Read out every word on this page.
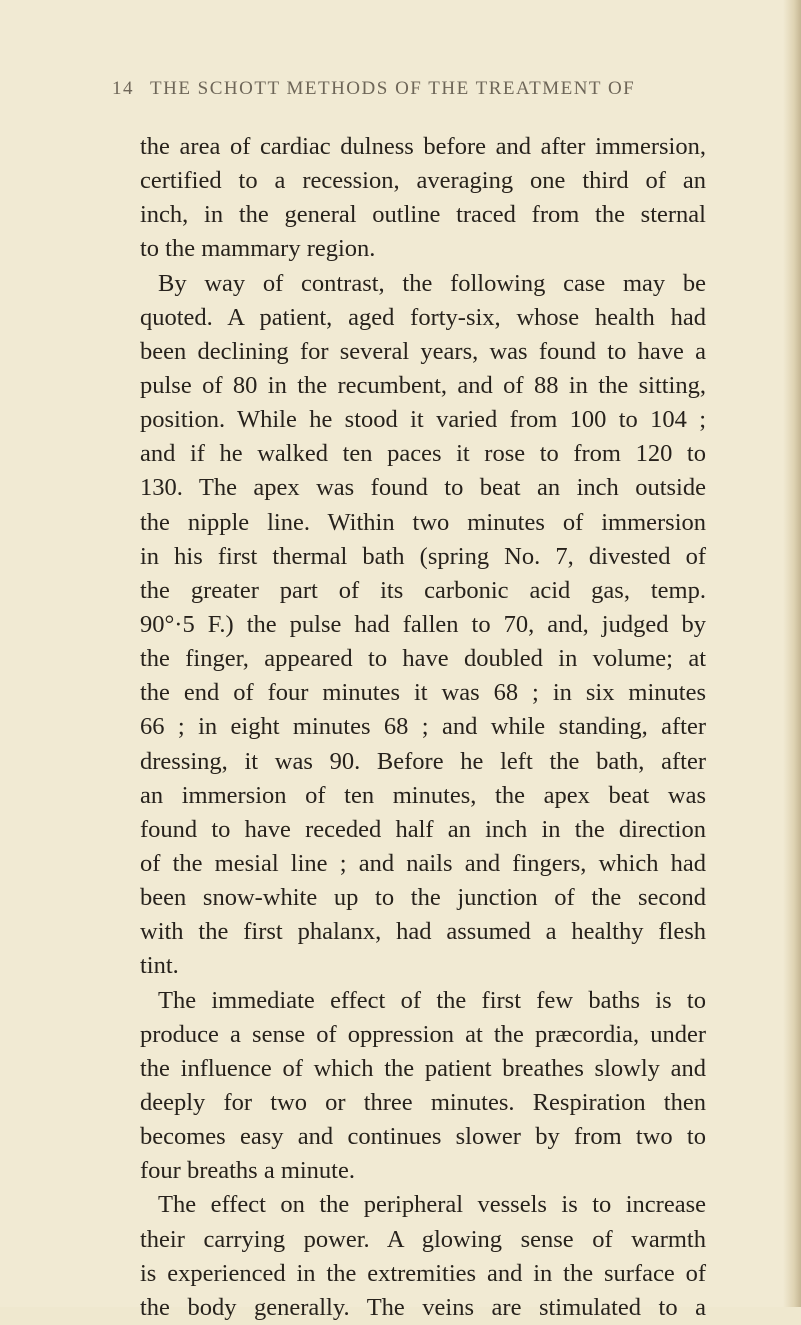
14 THE SCHOTT METHODS OF THE TREATMENT OF
the area of cardiac dulness before and after immersion,
certified to a recession, averaging one third of an
inch, in the general outline traced from the sternal
to the mammary region.
By way of contrast, the following case may be
quoted. A patient, aged forty-six, whose health had
been declining for several years, was found to have a
pulse of 80 in the recumbent, and of 88 in the sitting,
position. While he stood it varied from 100 to 104 ;
and if he walked ten paces it rose to from 120 to
130. The apex was found to beat an inch outside
the nipple line. Within two minutes of immersion
in his first thermal bath (spring No. 7, divested of
the greater part of its carbonic acid gas, temp.
90°·5 F.) the pulse had fallen to 70, and, judged by
the finger, appeared to have doubled in volume; at
the end of four minutes it was 68 ; in six minutes
66 ; in eight minutes 68 ; and while standing, after
dressing, it was 90. Before he left the bath, after
an immersion of ten minutes, the apex beat was
found to have receded half an inch in the direction
of the mesial line ; and nails and fingers, which had
been snow-white up to the junction of the second
with the first phalanx, had assumed a healthy flesh
tint.
The immediate effect of the first few baths is to
produce a sense of oppression at the præcordia, under
the influence of which the patient breathes slowly and
deeply for two or three minutes. Respiration then
becomes easy and continues slower by from two to
four breaths a minute.
The effect on the peripheral vessels is to increase
their carrying power. A glowing sense of warmth
is experienced in the extremities and in the surface of
the body generally. The veins are stimulated to a
